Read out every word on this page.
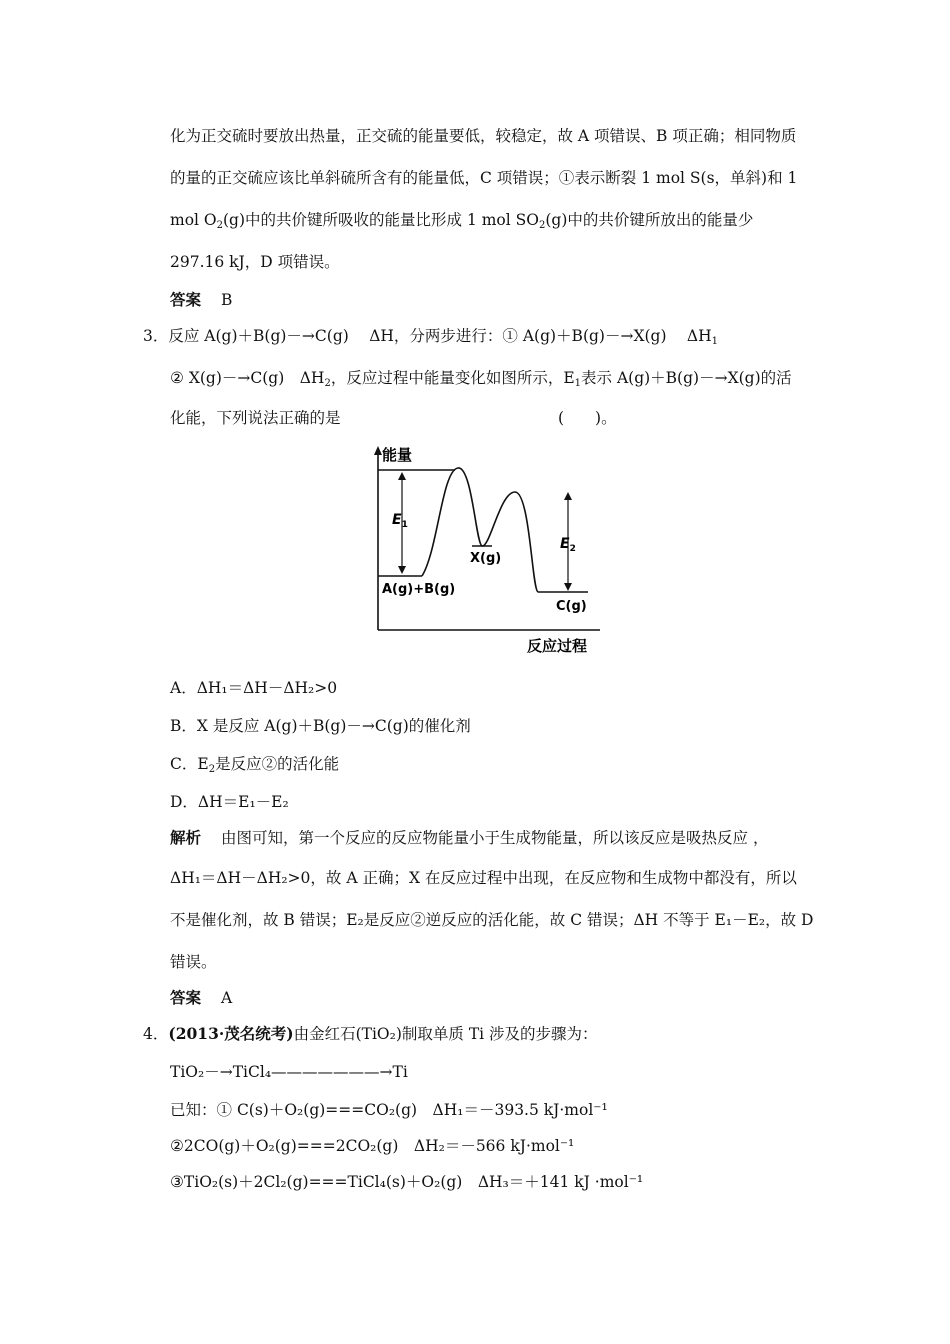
化为正交硫时要放出热量，正交硫的能量要低，较稳定，故 A 项错误、B 项正确；相同物质
的量的正交硫应该比单斜硫所含有的能量低，C 项错误；①表示断裂 1 mol S(s，单斜)和 1
mol $O_2(g)$中的共价键所吸收的能量比形成 1 mol $SO_2(g)$中的共价键所放出的能量少
297.16 kJ，D 项错误。
答案 B
3．反应 A(g)＋B(g)－→C(g)　 ΔH，分两步进行：① A(g)＋B(g)－→X(g)　 $\Delta H_1$
② X(g)－→C(g)　$\Delta H_2$，反应过程中能量变化如图所示，$E_1$表示 A(g)＋B(g)－→X(g)的活
化能，下列说法正确的是	(　　)。
能量
反应过程
$E_1$
$E_2$
A(g)+B(g)
X(g)
C(g)
A．ΔH₁＝ΔH－ΔH₂>0
B．X 是反应 A(g)＋B(g)－→C(g)的催化剂
C．$E_2$是反应②的活化能
D．ΔH＝E₁－E₂
解析 由图可知，第一个反应的反应物能量小于生成物能量，所以该反应是吸热反应 ，
ΔH₁＝ΔH－ΔH₂>0，故 A 正确；X 在反应过程中出现，在反应物和生成物中都没有，所以
不是催化剂，故 B 错误；E₂是反应②逆反应的活化能，故 C 错误；ΔH 不等于 E₁－E₂，故 D
错误。
答案 A
4．(2013·茂名统考)由金红石(TiO₂)制取单质 Ti 涉及的步骤为：
TiO₂－→TiCl₄———————→Ti
已知：① C(s)＋O₂(g)===CO₂(g)　ΔH₁＝－393.5 kJ·mol⁻¹
②2CO(g)＋O₂(g)===2CO₂(g)　ΔH₂＝－566 kJ·mol⁻¹
③TiO₂(s)＋2Cl₂(g)===TiCl₄(s)＋O₂(g)　ΔH₃＝＋141 kJ ·mol⁻¹
